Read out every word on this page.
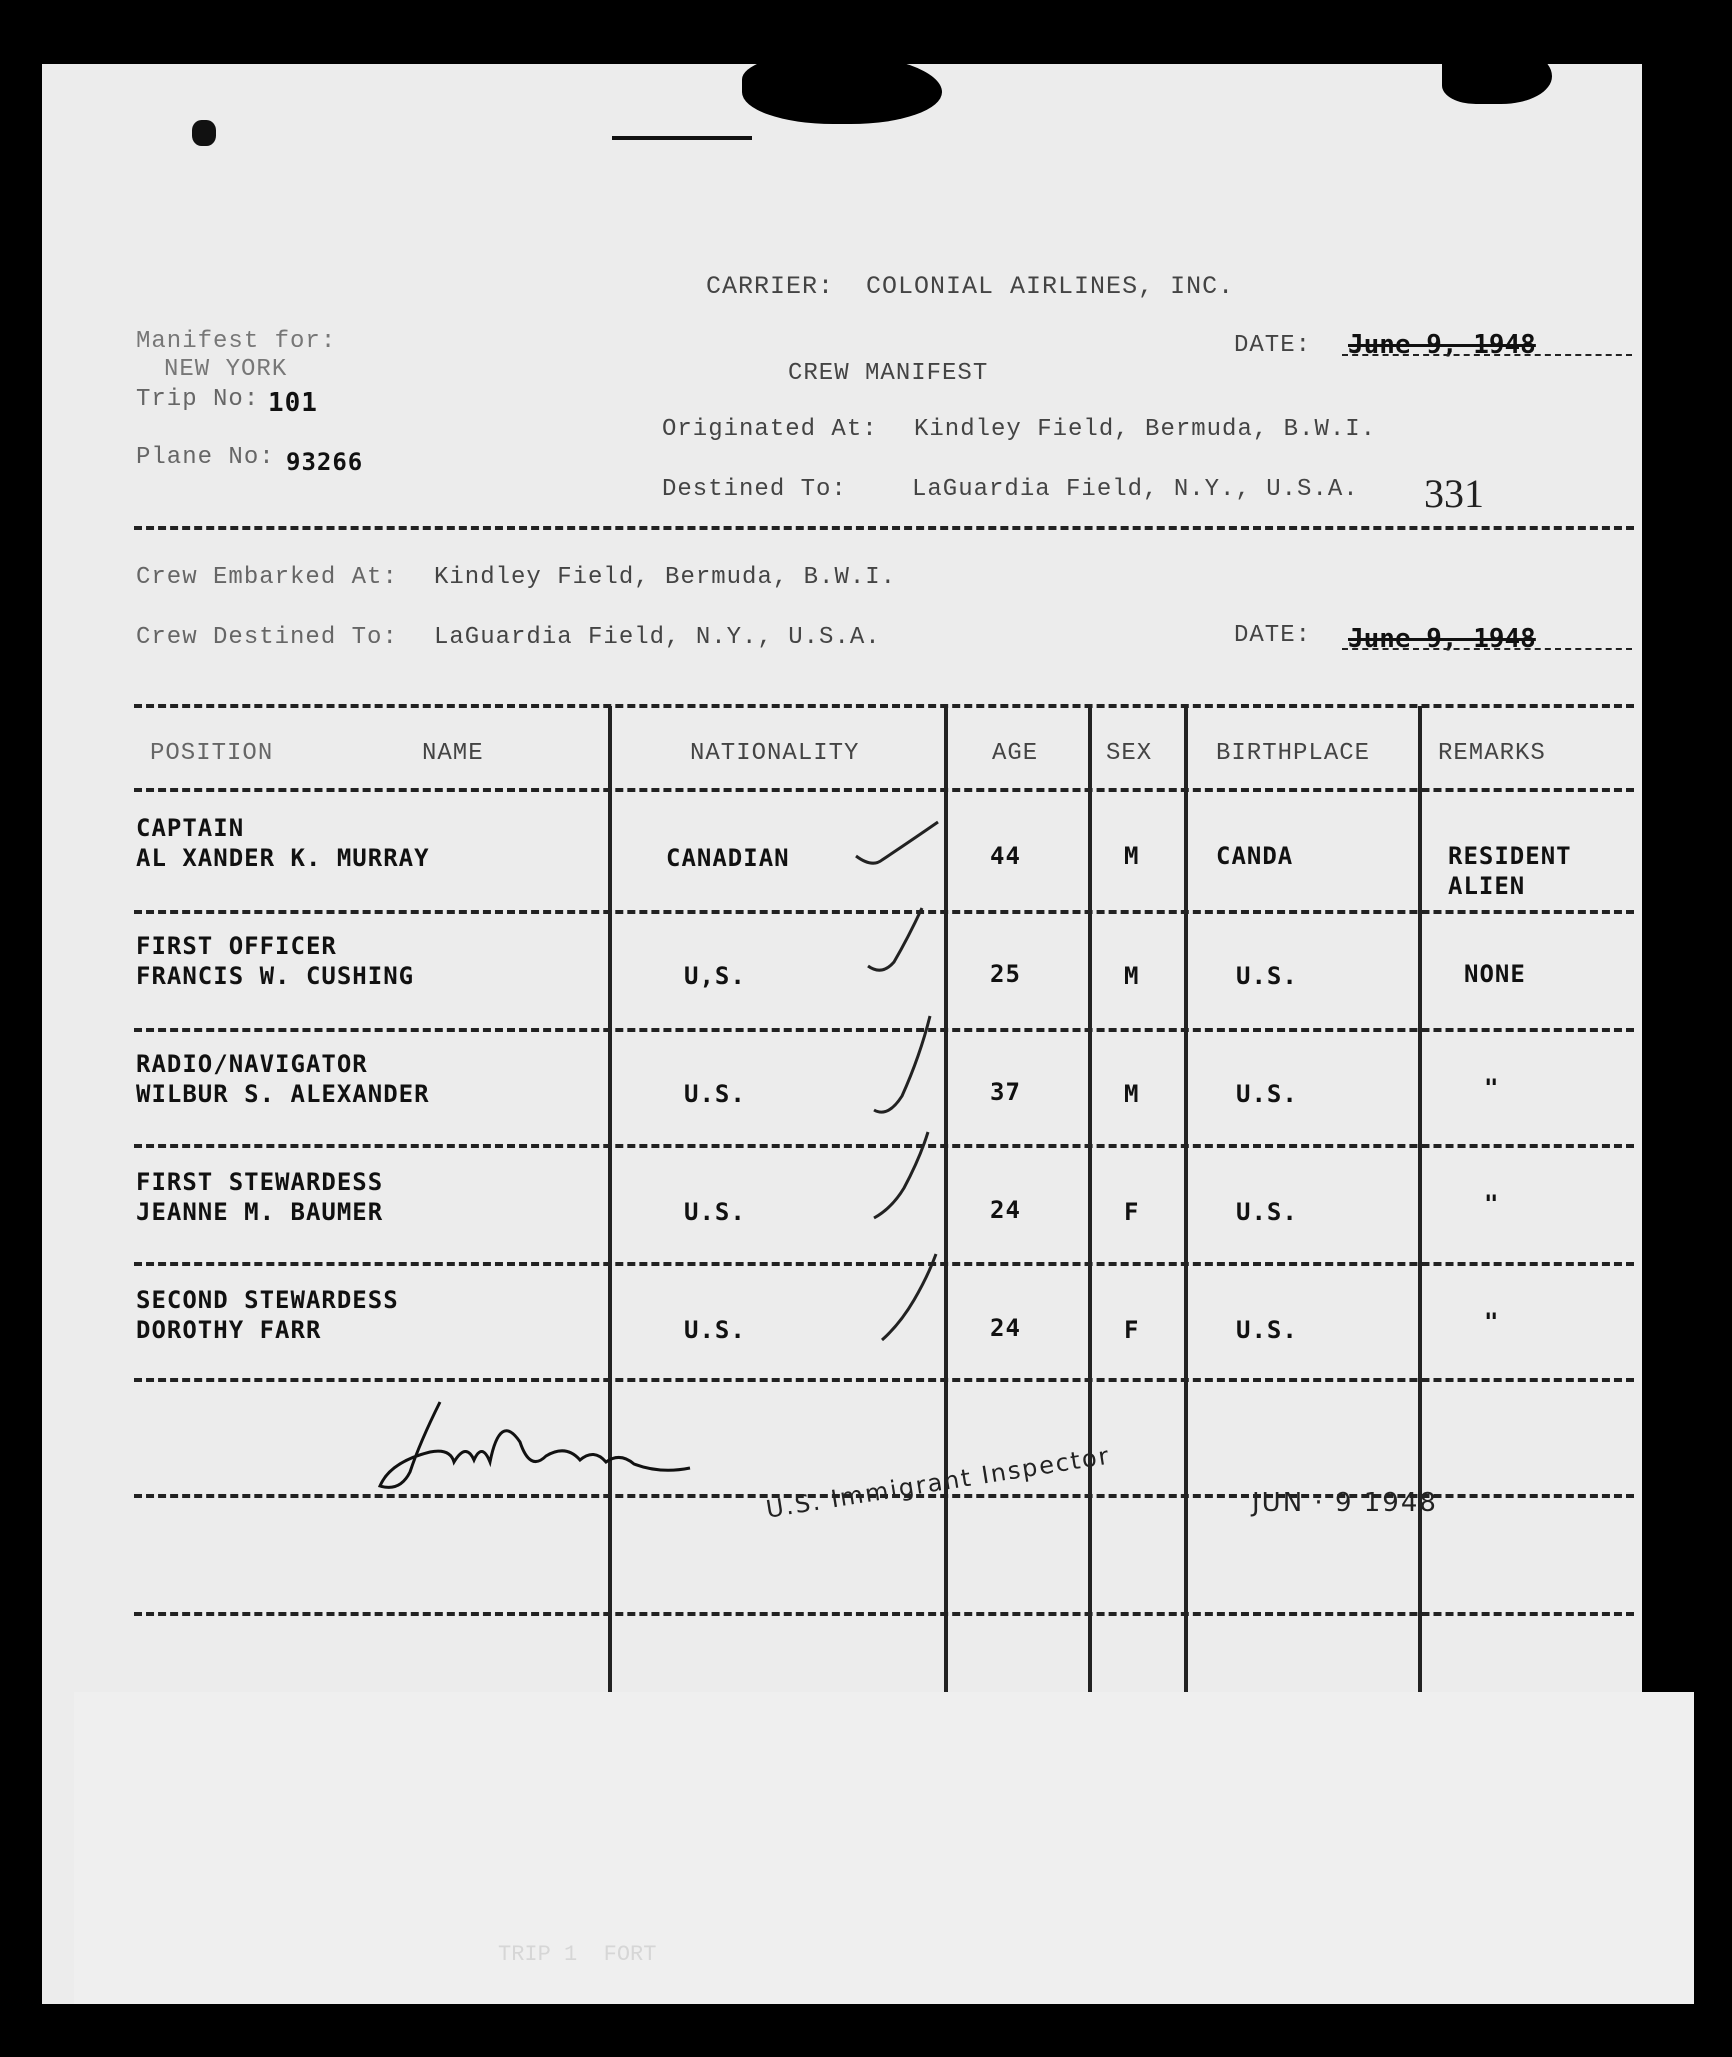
CARRIER:  COLONIAL AIRLINES, INC.
Manifest for:
NEW YORK
Trip No: 101
Plane No: 93266
CREW MANIFEST
DATE: June 9, 1948
Originated At: Kindley Field, Bermuda, B.W.I.
Destined To:	LaGuardia Field, N.Y., U.S.A. 331
Crew Embarked At: Kindley Field, Bermuda, B.W.I.
Crew Destined To: LaGuardia Field, N.Y., U.S.A.	DATE: June 9, 1948
POSITION	NAME	NATIONALITY	AGE	SEX	BIRTHPLACE	REMARKS
CAPTAIN
AL XANDER K. MURRAY	CANADIAN	44	M	CANDA	RESIDENT
ALIEN
FIRST OFFICER
FRANCIS W. CUSHING	U,S.	25	M	U.S.	NONE
RADIO/NAVIGATOR
WILBUR S. ALEXANDER	U.S.	37	M	U.S.	"
FIRST STEWARDESS
JEANNE M. BAUMER	U.S.	24	F	U.S.	"
SECOND STEWARDESS
DOROTHY FARR	U.S.	24	F	U.S.	"
U.S. Immigrant Inspector	JUN · 9 1948
TRIP 1  FORT
